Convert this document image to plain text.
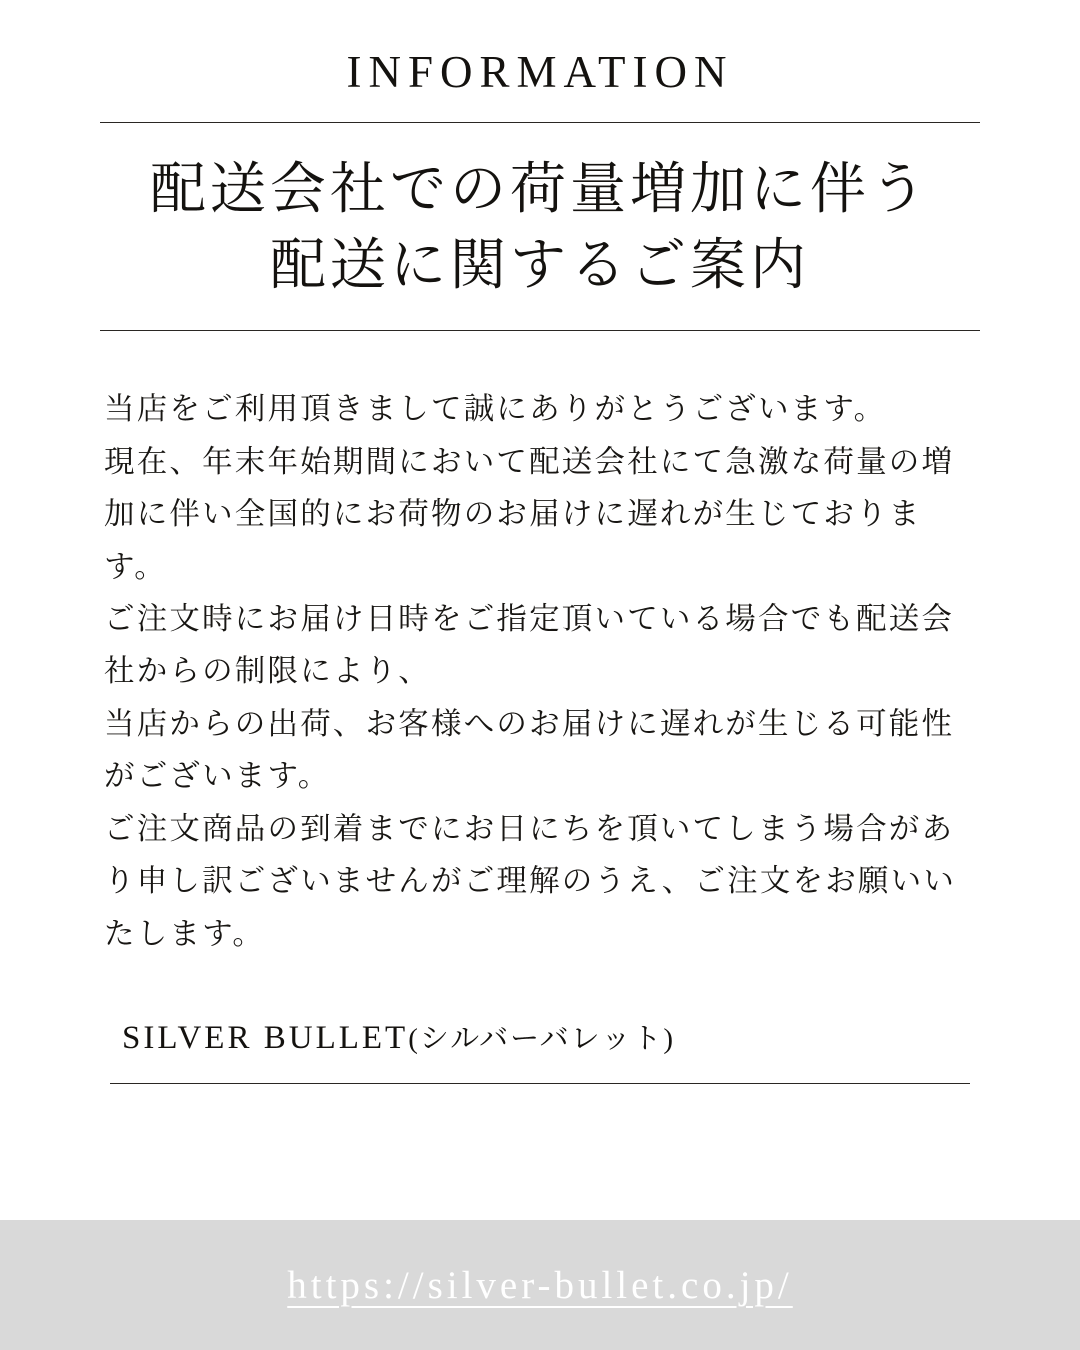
INFORMATION
配送会社での荷量増加に伴う
配送に関するご案内

当店をご利用頂きまして誠にありがとうございます。

現在、年末年始期間において配送会社にて急激な荷量の増加に伴い全国的にお荷物のお届けに遅れが生じております。

ご注文時にお届け日時をご指定頂いている場合でも配送会社からの制限により、

当店からの出荷、お客様へのお届けに遅れが生じる可能性がございます。

ご注文商品の到着までにお日にちを頂いてしまう場合があり申し訳ございませんがご理解のうえ、ご注文をお願いいたします。

SILVER BULLET(シルバーバレット)
https://silver-bullet.co.jp/
